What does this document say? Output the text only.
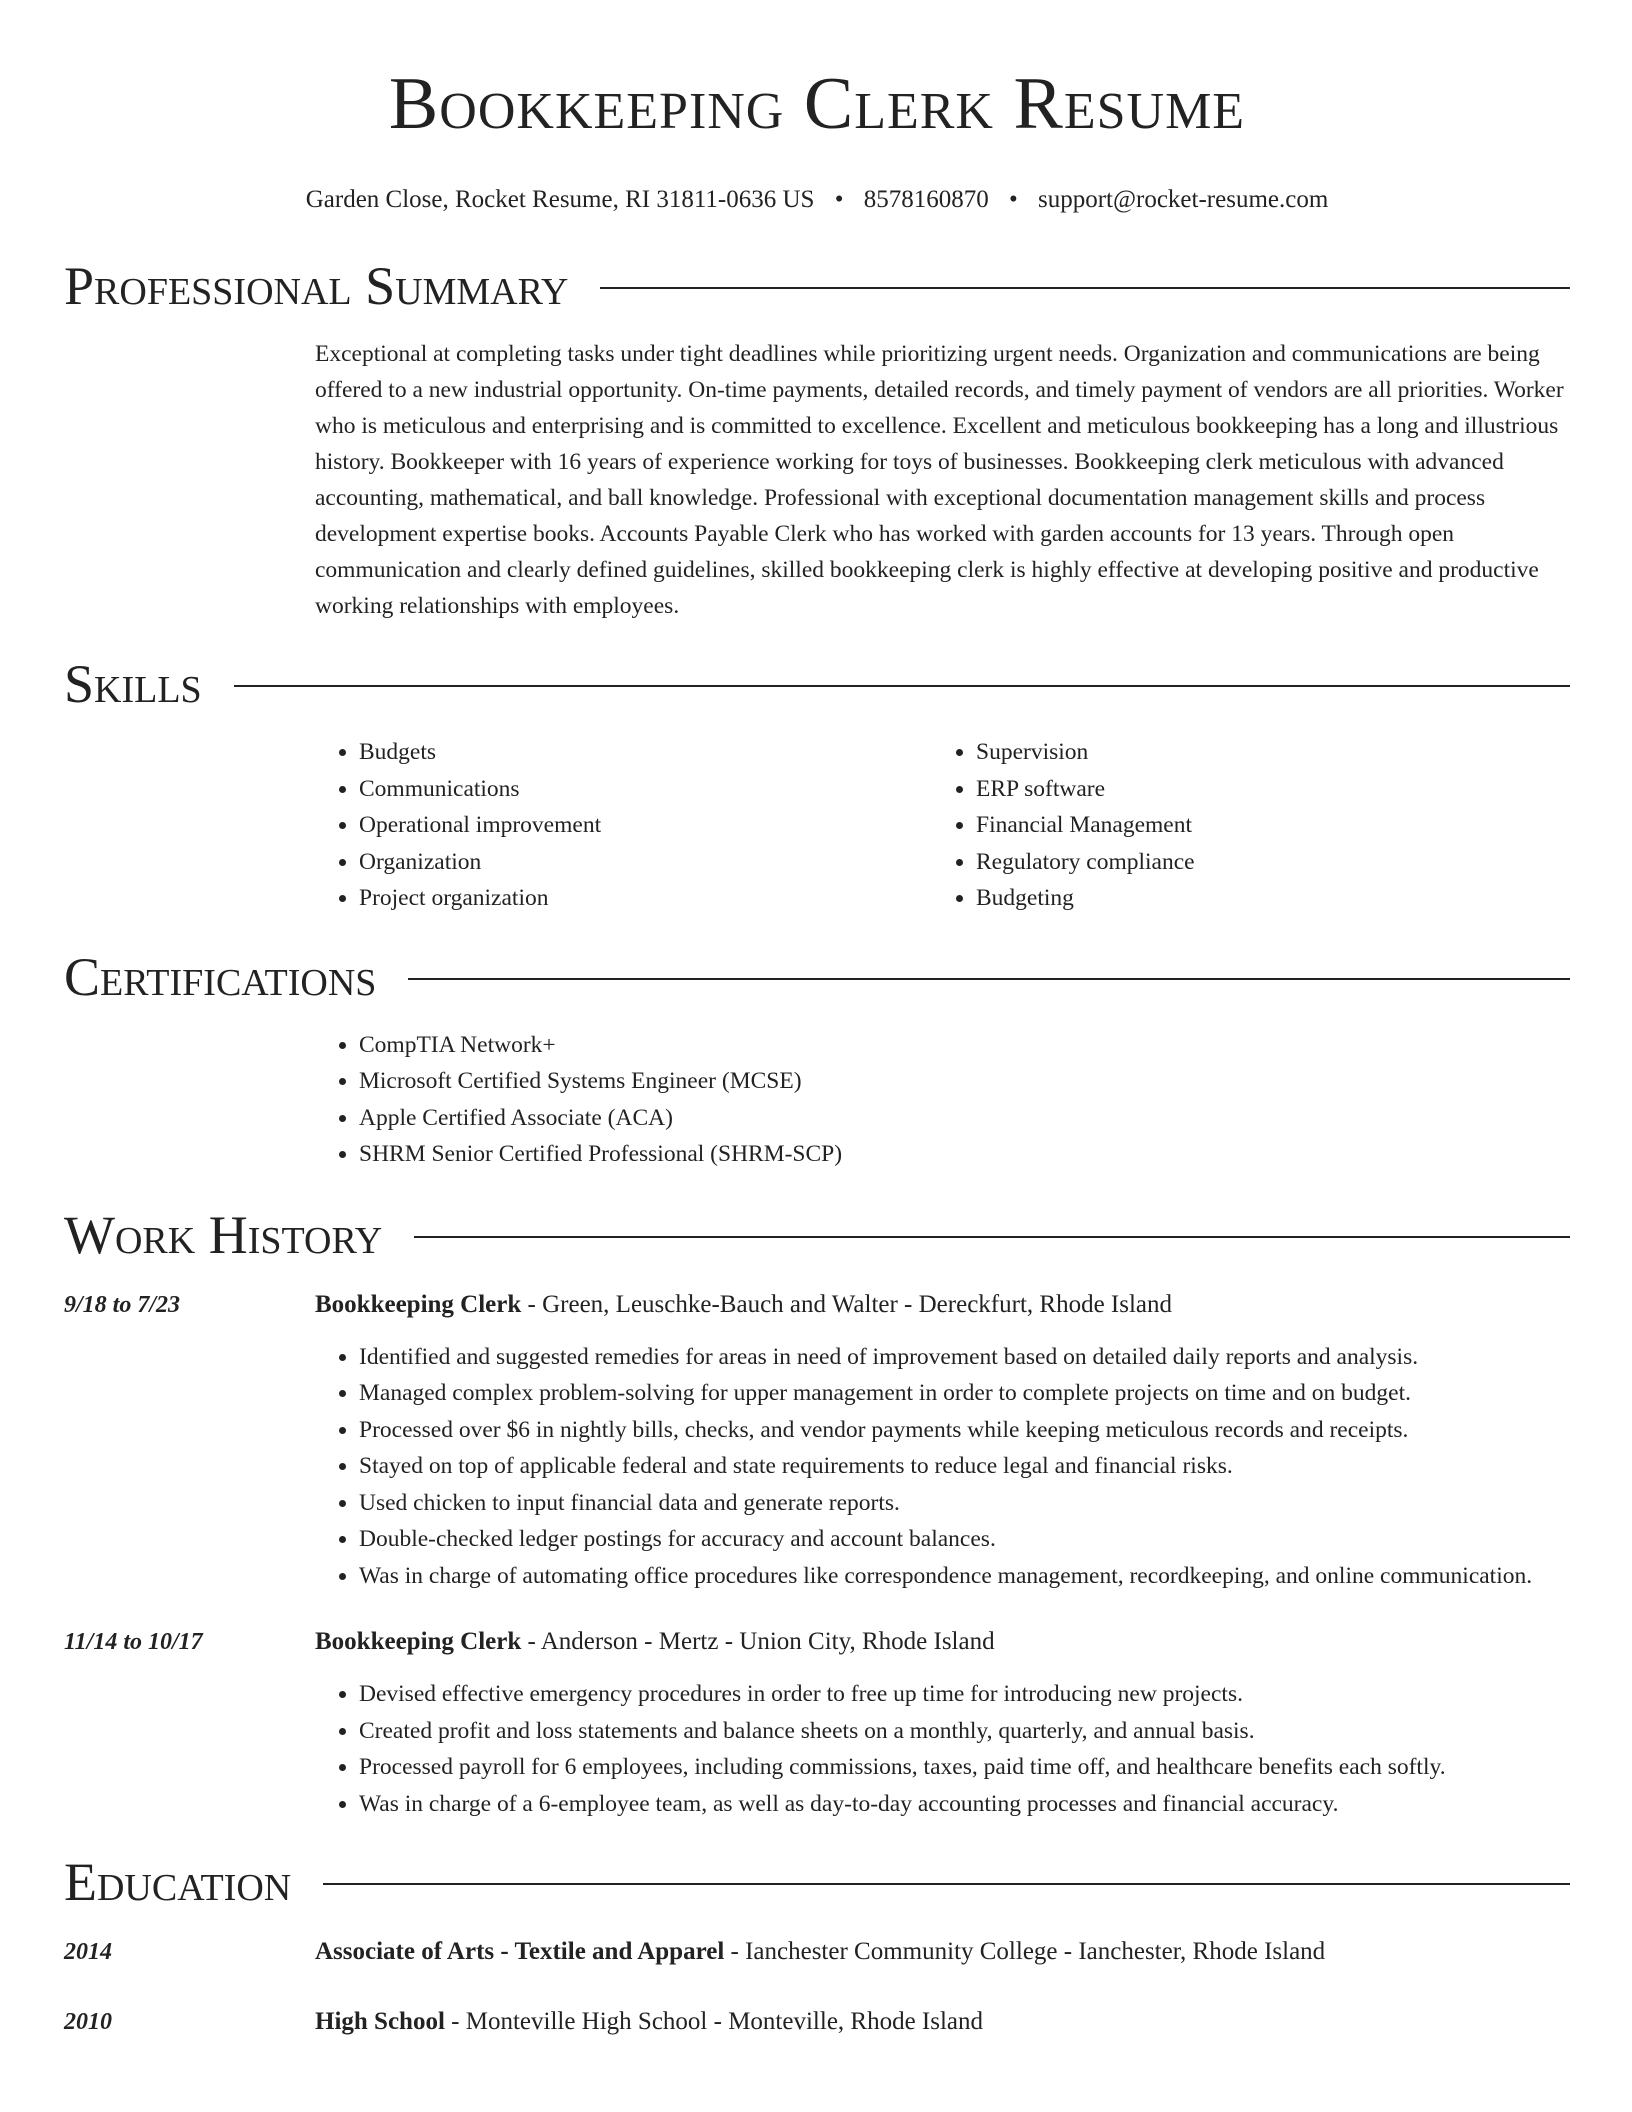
Bookkeeping Clerk Resume
Garden Close, Rocket Resume, RI 31811-0636 US • 8578160870 • support@rocket-resume.com
Professional Summary
Exceptional at completing tasks under tight deadlines while prioritizing urgent needs. Organization and communications are being offered to a new industrial opportunity. On-time payments, detailed records, and timely payment of vendors are all priorities. Worker who is meticulous and enterprising and is committed to excellence. Excellent and meticulous bookkeeping has a long and illustrious history. Bookkeeper with 16 years of experience working for toys of businesses. Bookkeeping clerk meticulous with advanced accounting, mathematical, and ball knowledge. Professional with exceptional documentation management skills and process development expertise books. Accounts Payable Clerk who has worked with garden accounts for 13 years. Through open communication and clearly defined guidelines, skilled bookkeeping clerk is highly effective at developing positive and productive working relationships with employees.
Skills
• Budgets
• Communications
• Operational improvement
• Organization
• Project organization
• Supervision
• ERP software
• Financial Management
• Regulatory compliance
• Budgeting
Certifications
• CompTIA Network+
• Microsoft Certified Systems Engineer (MCSE)
• Apple Certified Associate (ACA)
• SHRM Senior Certified Professional (SHRM-SCP)
Work History
9/18 to 7/23	Bookkeeping Clerk - Green, Leuschke-Bauch and Walter - Dereckfurt, Rhode Island
• Identified and suggested remedies for areas in need of improvement based on detailed daily reports and analysis.
• Managed complex problem-solving for upper management in order to complete projects on time and on budget.
• Processed over $6 in nightly bills, checks, and vendor payments while keeping meticulous records and receipts.
• Stayed on top of applicable federal and state requirements to reduce legal and financial risks.
• Used chicken to input financial data and generate reports.
• Double-checked ledger postings for accuracy and account balances.
• Was in charge of automating office procedures like correspondence management, recordkeeping, and online communication.
11/14 to 10/17	Bookkeeping Clerk - Anderson - Mertz - Union City, Rhode Island
• Devised effective emergency procedures in order to free up time for introducing new projects.
• Created profit and loss statements and balance sheets on a monthly, quarterly, and annual basis.
• Processed payroll for 6 employees, including commissions, taxes, paid time off, and healthcare benefits each softly.
• Was in charge of a 6-employee team, as well as day-to-day accounting processes and financial accuracy.
Education
2014	Associate of Arts - Textile and Apparel - Ianchester Community College - Ianchester, Rhode Island
2010	High School - Monteville High School - Monteville, Rhode Island
